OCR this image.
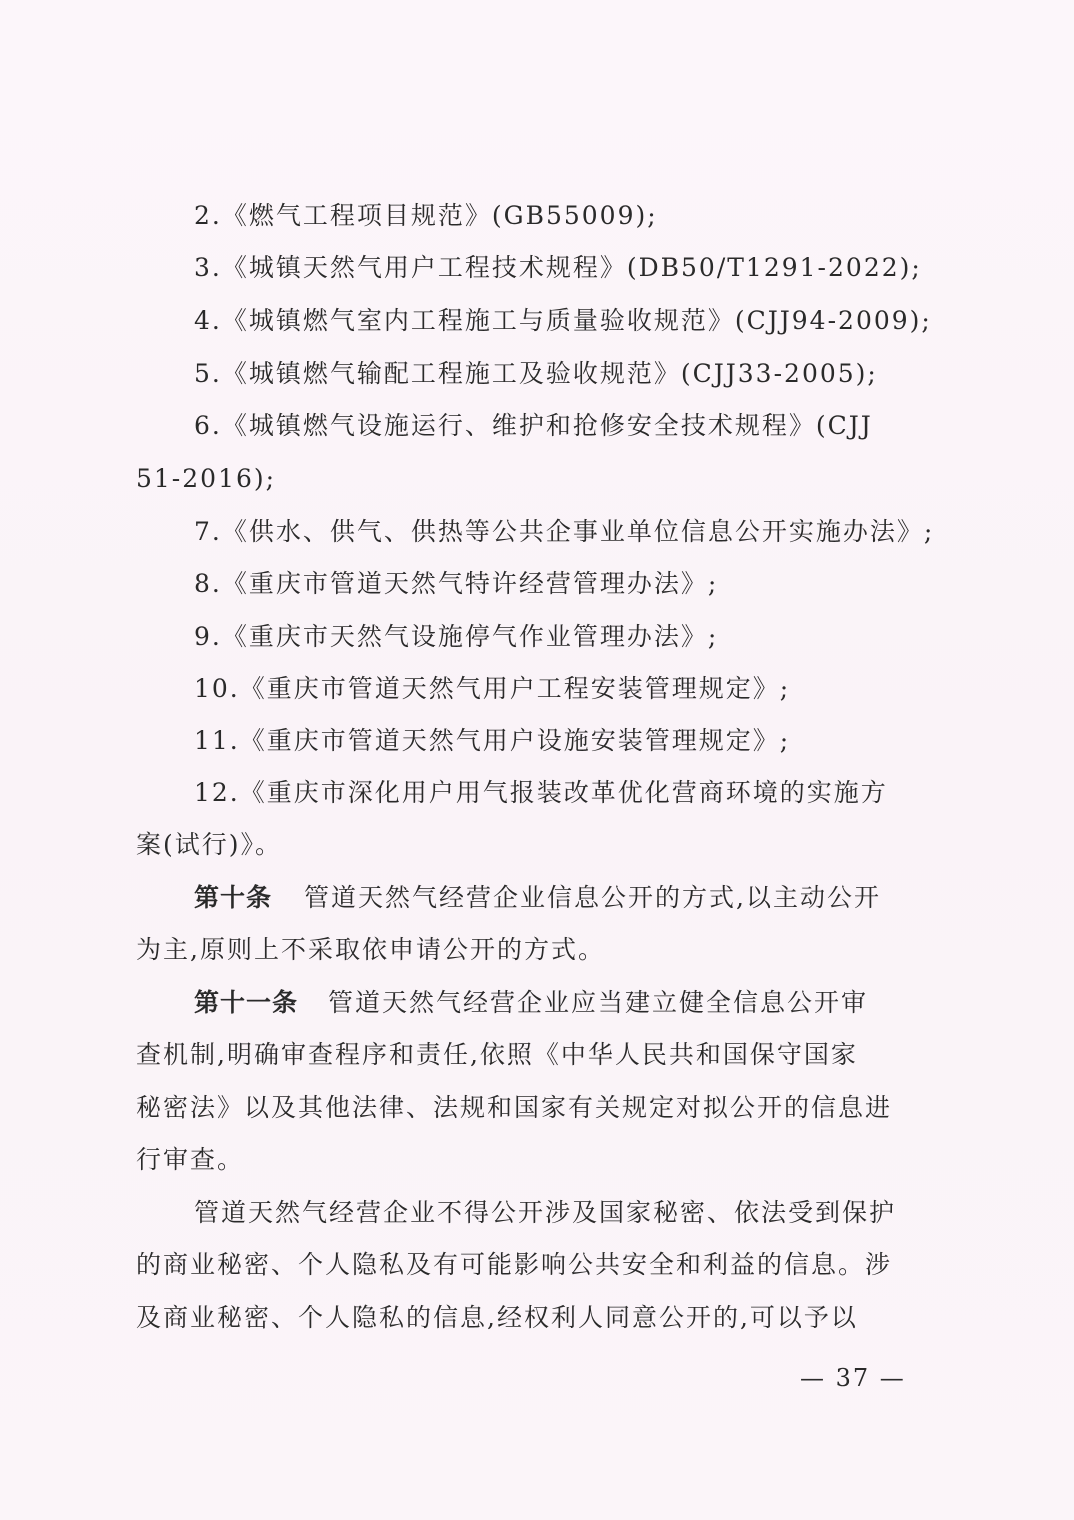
2.《燃气工程项目规范》(GB55009);
3.《城镇天然气用户工程技术规程》(DB50/T1291-2022);
4.《城镇燃气室内工程施工与质量验收规范》(CJJ94-2009);
5.《城镇燃气输配工程施工及验收规范》(CJJ33-2005);
6.《城镇燃气设施运行、维护和抢修安全技术规程》(CJJ
51-2016);
7.《供水、供气、供热等公共企事业单位信息公开实施办法》;
8.《重庆市管道天然气特许经营管理办法》;
9.《重庆市天然气设施停气作业管理办法》;
10.《重庆市管道天然气用户工程安装管理规定》;
11.《重庆市管道天然气用户设施安装管理规定》;
12.《重庆市深化用户用气报装改革优化营商环境的实施方
案(试行)》。
第十条 管道天然气经营企业信息公开的方式,以主动公开
为主,原则上不采取依申请公开的方式。
第十一条 管道天然气经营企业应当建立健全信息公开审
查机制,明确审查程序和责任,依照《中华人民共和国保守国家
秘密法》以及其他法律、法规和国家有关规定对拟公开的信息进
行审查。
管道天然气经营企业不得公开涉及国家秘密、依法受到保护
的商业秘密、个人隐私及有可能影响公共安全和利益的信息。涉
及商业秘密、个人隐私的信息,经权利人同意公开的,可以予以
— 37 —
